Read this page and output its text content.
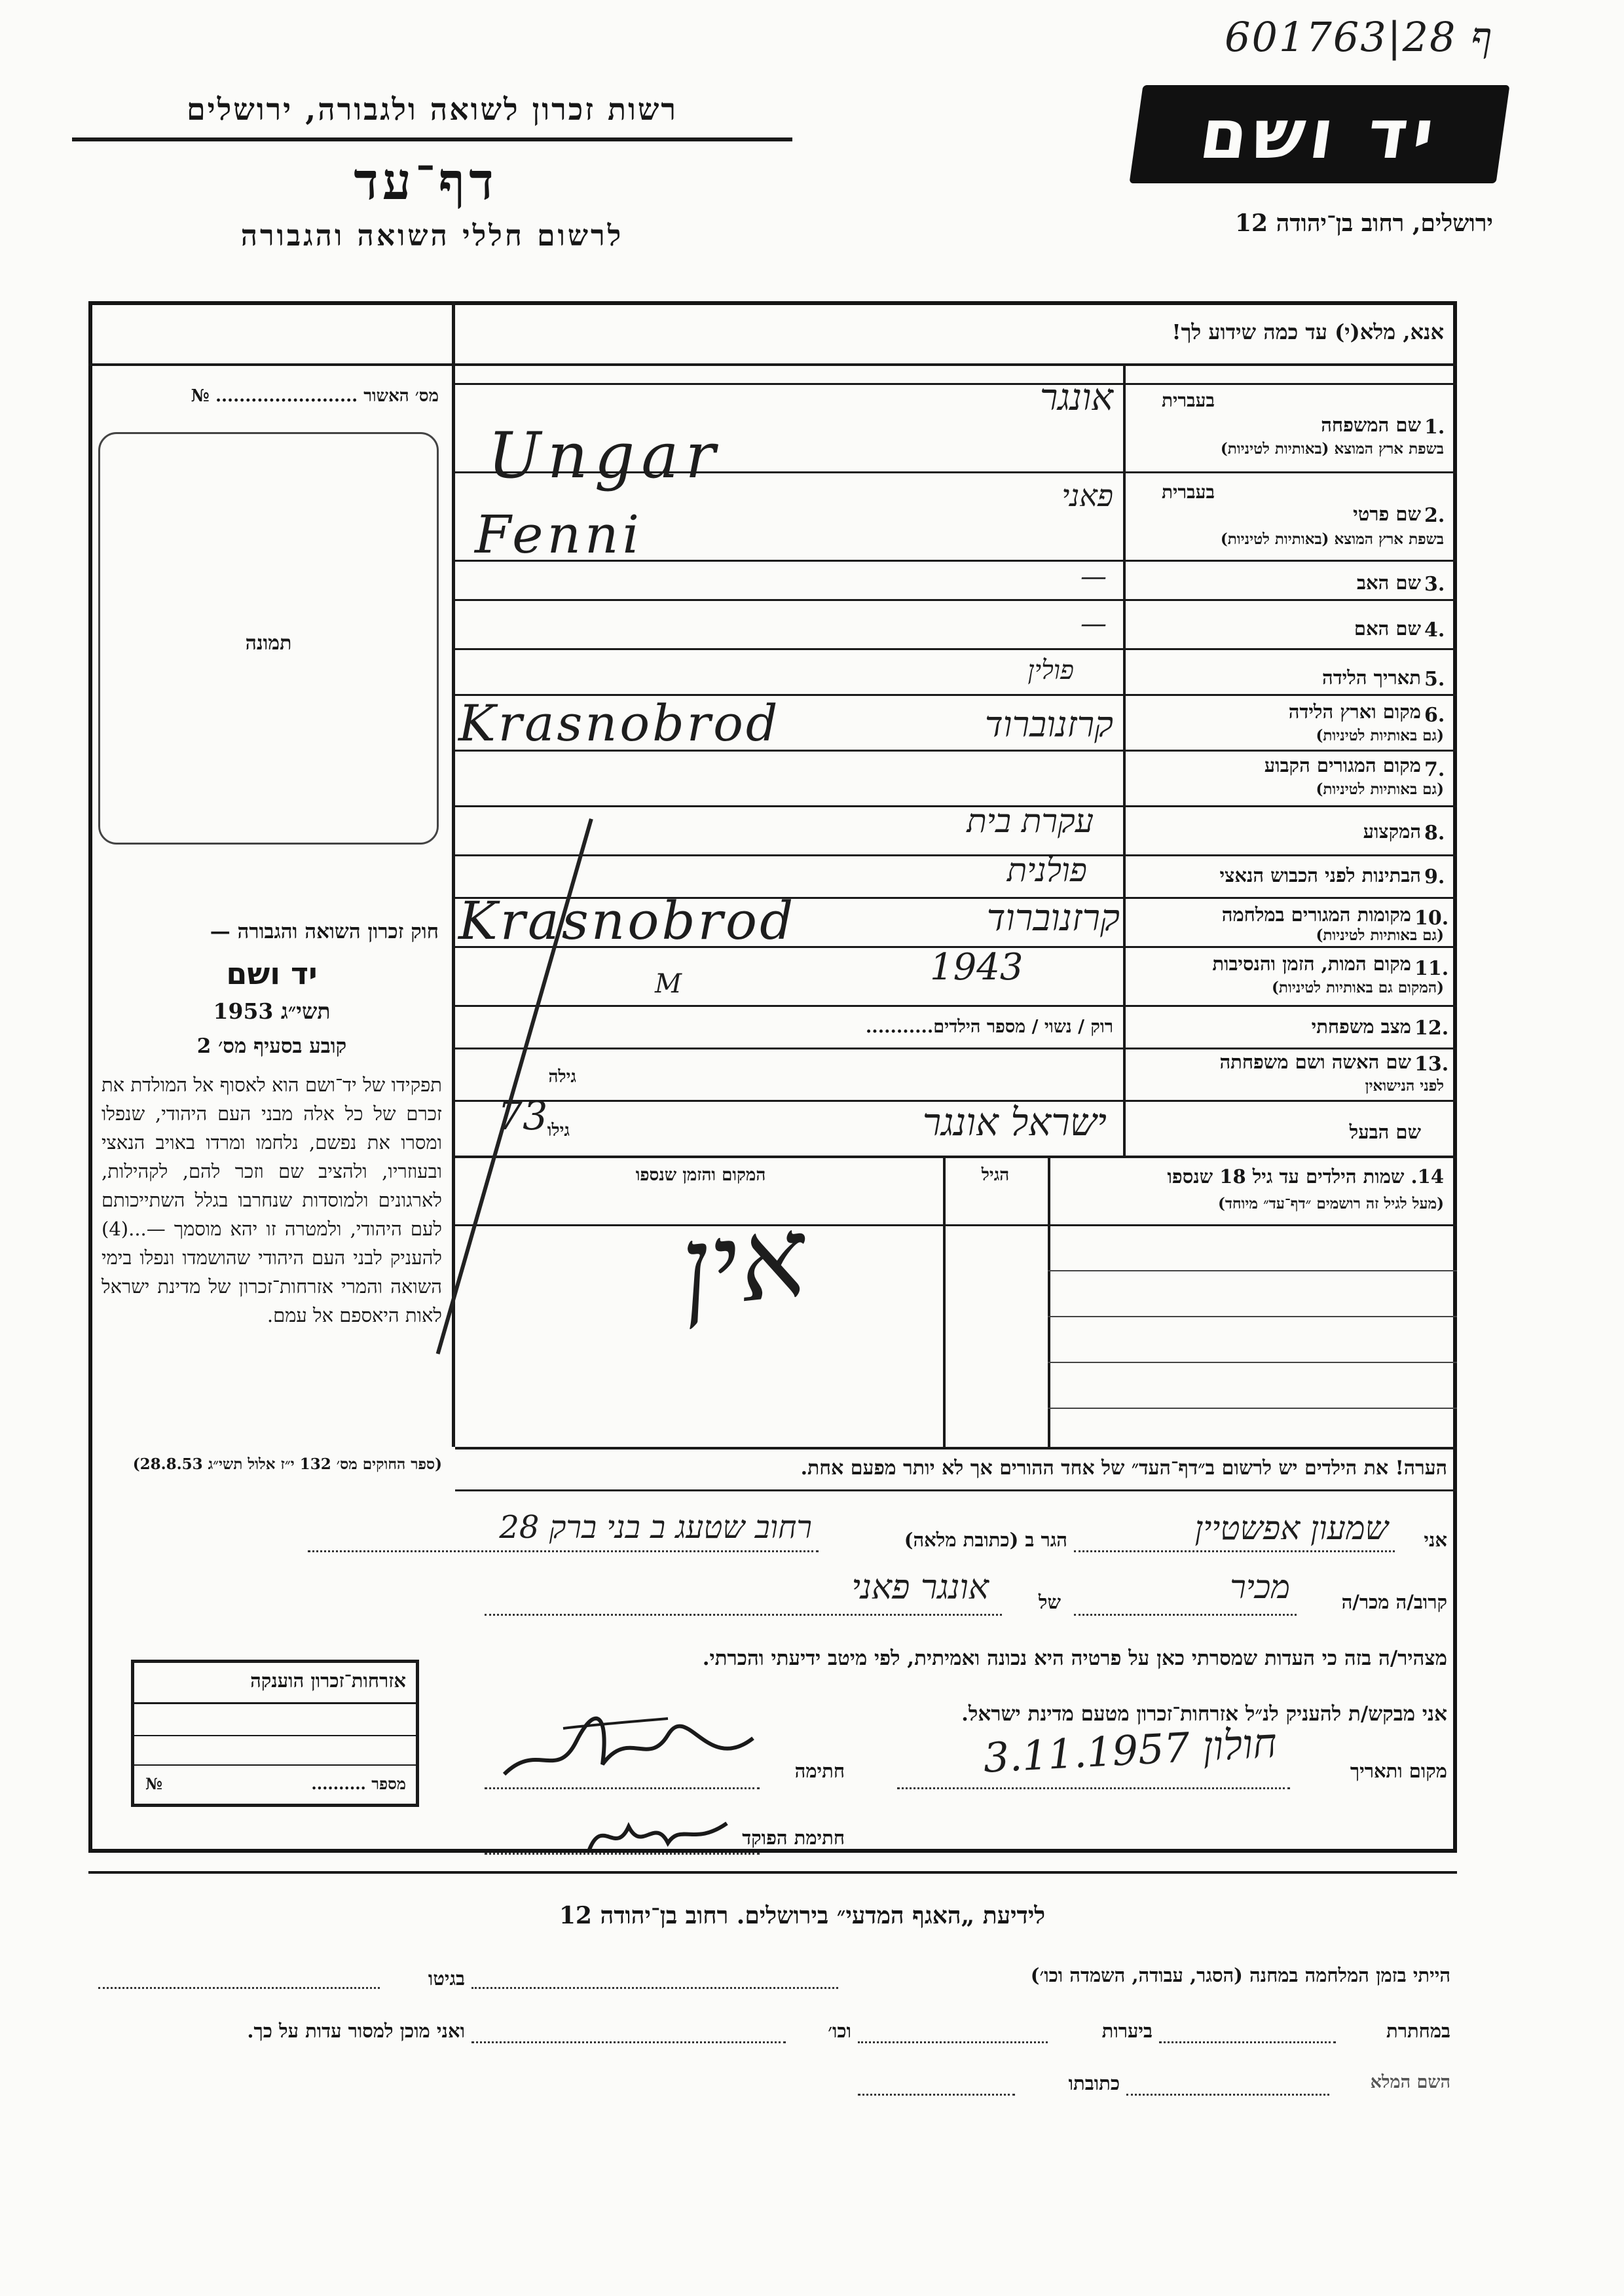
601763|28 ף
רשות זכרון לשואה ולגבורה, ירושלים
דף־עד
לרשום חללי השואה והגבורה
יד ושם
ירושלים, רחוב בן־יהודה 12
אנא, מלא(י) עד כמה שידוע לך!
מס׳ האשור ........................ №
תמונה
חוק זכרון השואה והגבורה —
יד ושם
תשי״ג 1953
קובע בסעיף מס׳ 2
תפקידו של יד־ושם הוא לאסוף אל המולדת את זכרם של כל אלה מבני העם היהודי, שנפלו ומסרו את נפשם, נלחמו ומרדו באויב הנאצי ובעוזריו, ולהציב שם וזכר להם, לקהילות, לארגונים ולמוסדות שנחרבו בגלל השתייכותם לעם היהודי, ולמטרה זו יהא מוסמך —...(4) להעניק לבני העם היהודי שהושמדו ונפלו בימי השואה והמרי אזרחות־זכרון של מדינת ישראל לאות היאספם אל עמם.
(ספר החוקים מס׳ 132 י״ז אלול תשי״ג 28.8.53)
בעברית
1.
שם המשפחה
בשפת ארץ המוצא (באותיות לטיניות)
אונגר
Ungar	בעברית
2.
שם פרטי
בשפת ארץ המוצא (באותיות לטיניות)
פאני
Fenni
3.
שם האב
—
4.
שם האם
—
5.
תאריך הלידה
6.
מקום וארץ הלידה
(גם באותיות לטיניות)
פולין
קרזנוברוד
Krasnobrod
7.
מקום המגורים הקבוע
(גם באותיות לטיניות)
8.
המקצוע
עקרת בית
9.
הבתינות לפני הכבוש הנאצי
פולנית
10.
מקומות המגורים במלחמה
(גם באותיות לטיניות)
קרזנוברוד
Krasnobrod
11.
מקום המות, הזמן והנסיבות
(המקום גם באותיות לטיניות)
1943
M
12.
מצב משפחתי
רוק / נשוי / מספר הילדים...........
13.
שם האשה ושם משפחתה
לפני הנישואין
גילה
שם הבעל
ישראל אונגר
גילו
73
14. שמות הילדים עד גיל 18 שנספו
(מעל לגיל זה רושמים ״דף־עד״ מיוחד)
הגיל
המקום והזמן שנספו
אין
הערה! את הילדים יש לרשום ב״דף־העד״ של אחד ההורים אך לא יותר מפעם אחת.
אני
שמעון אפשטיין
הגר ב (כתובת מלאה)
רחוב שטעג ב בני ברק 28
קרוב/ה מכר/ה
מכיר
של
אונגר פאני
מצהיר/ה בזה כי העדות שמסרתי כאן על פרטיה היא נכונה ואמיתית, לפי מיטב ידיעתי והכרתי.
אני מבקש/ת להעניק לנ״ל אזרחות־זכרון מטעם מדינת ישראל.
מקום ותאריך
חולון 3.11.1957
חתימה
חתימת הפוקד
אזרחות־זכרון הוענקה
מספר ..........
№
לידיעת „האגף המדעי״ בירושלים. רחוב בן־יהודה 12
הייתי בזמן המלחמה במחנה (הסגר, עבודה, השמדה וכו׳)
בגיטו
במחתרת
ביערות
וכו׳
ואני מוכן למסור עדות על כך.
השם המלא
כתובתו
